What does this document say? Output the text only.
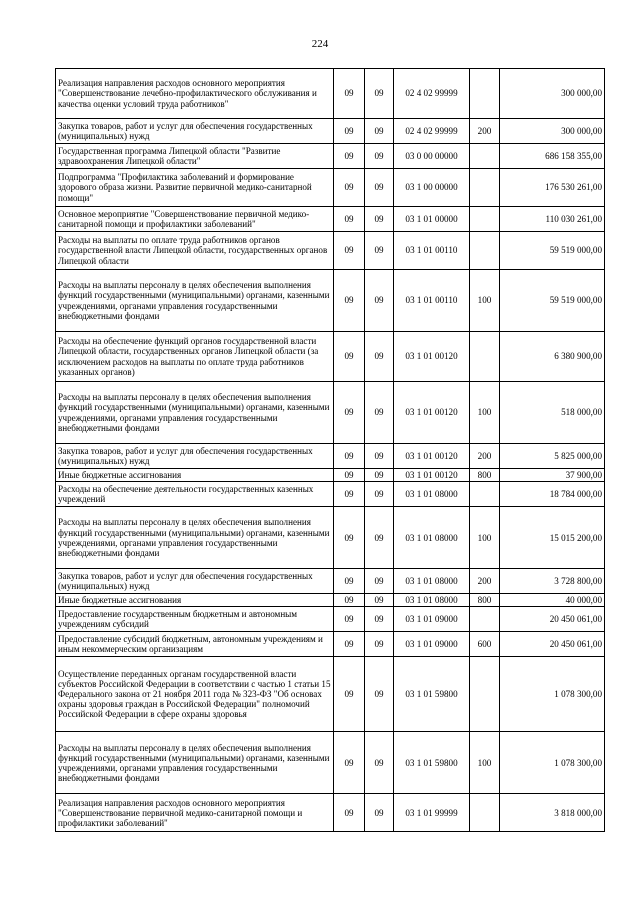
224
Реализация направления расходов основного мероприятия "Совершенствование лечебно-профилактического обслуживания и качества оценки условий труда работников"	09	09	02 4 02 99999		300 000,00
Закупка товаров, работ и услуг для обеспечения государственных (муниципальных) нужд	09	09	02 4 02 99999	200	300 000,00
Государственная программа Липецкой области "Развитие здравоохранения Липецкой области"	09	09	03 0 00 00000		686 158 355,00
Подпрограмма "Профилактика заболеваний и формирование здорового образа жизни. Развитие первичной медико-санитарной помощи"	09	09	03 1 00 00000		176 530 261,00
Основное мероприятие "Совершенствование первичной медико-санитарной помощи и профилактики заболеваний"	09	09	03 1 01 00000		110 030 261,00
Расходы на выплаты по оплате труда работников органов государственной власти Липецкой области, государственных органов Липецкой области	09	09	03 1 01 00110		59 519 000,00
Расходы на выплаты персоналу в целях обеспечения выполнения функций государственными (муниципальными) органами, казенными учреждениями, органами управления государственными внебюджетными фондами	09	09	03 1 01 00110	100	59 519 000,00
Расходы на обеспечение функций органов государственной власти Липецкой области, государственных органов Липецкой области (за исключением расходов на выплаты по оплате труда работников указанных органов)	09	09	03 1 01 00120		6 380 900,00
Расходы на выплаты персоналу в целях обеспечения выполнения функций государственными (муниципальными) органами, казенными учреждениями, органами управления государственными внебюджетными фондами	09	09	03 1 01 00120	100	518 000,00
Закупка товаров, работ и услуг для обеспечения государственных (муниципальных) нужд	09	09	03 1 01 00120	200	5 825 000,00
Иные бюджетные ассигнования	09	09	03 1 01 00120	800	37 900,00
Расходы на обеспечение деятельности государственных казенных учреждений	09	09	03 1 01 08000		18 784 000,00
Расходы на выплаты персоналу в целях обеспечения выполнения функций государственными (муниципальными) органами, казенными учреждениями, органами управления государственными внебюджетными фондами	09	09	03 1 01 08000	100	15 015 200,00
Закупка товаров, работ и услуг для обеспечения государственных (муниципальных) нужд	09	09	03 1 01 08000	200	3 728 800,00
Иные бюджетные ассигнования	09	09	03 1 01 08000	800	40 000,00
Предоставление государственным бюджетным и автономным учреждениям субсидий	09	09	03 1 01 09000		20 450 061,00
Предоставление субсидий бюджетным, автономным учреждениям и иным некоммерческим организациям	09	09	03 1 01 09000	600	20 450 061,00
Осуществление переданных органам государственной власти субъектов Российской Федерации в соответствии с частью 1 статьи 15 Федерального закона от 21 ноября 2011 года № 323-ФЗ "Об основах охраны здоровья граждан в Российской Федерации" полномочий Российской Федерации в сфере охраны здоровья	09	09	03 1 01 59800		1 078 300,00
Расходы на выплаты персоналу в целях обеспечения выполнения функций государственными (муниципальными) органами, казенными учреждениями, органами управления государственными внебюджетными фондами	09	09	03 1 01 59800	100	1 078 300,00
Реализация направления расходов основного мероприятия "Совершенствование первичной медико-санитарной помощи и профилактики заболеваний"	09	09	03 1 01 99999		3 818 000,00
